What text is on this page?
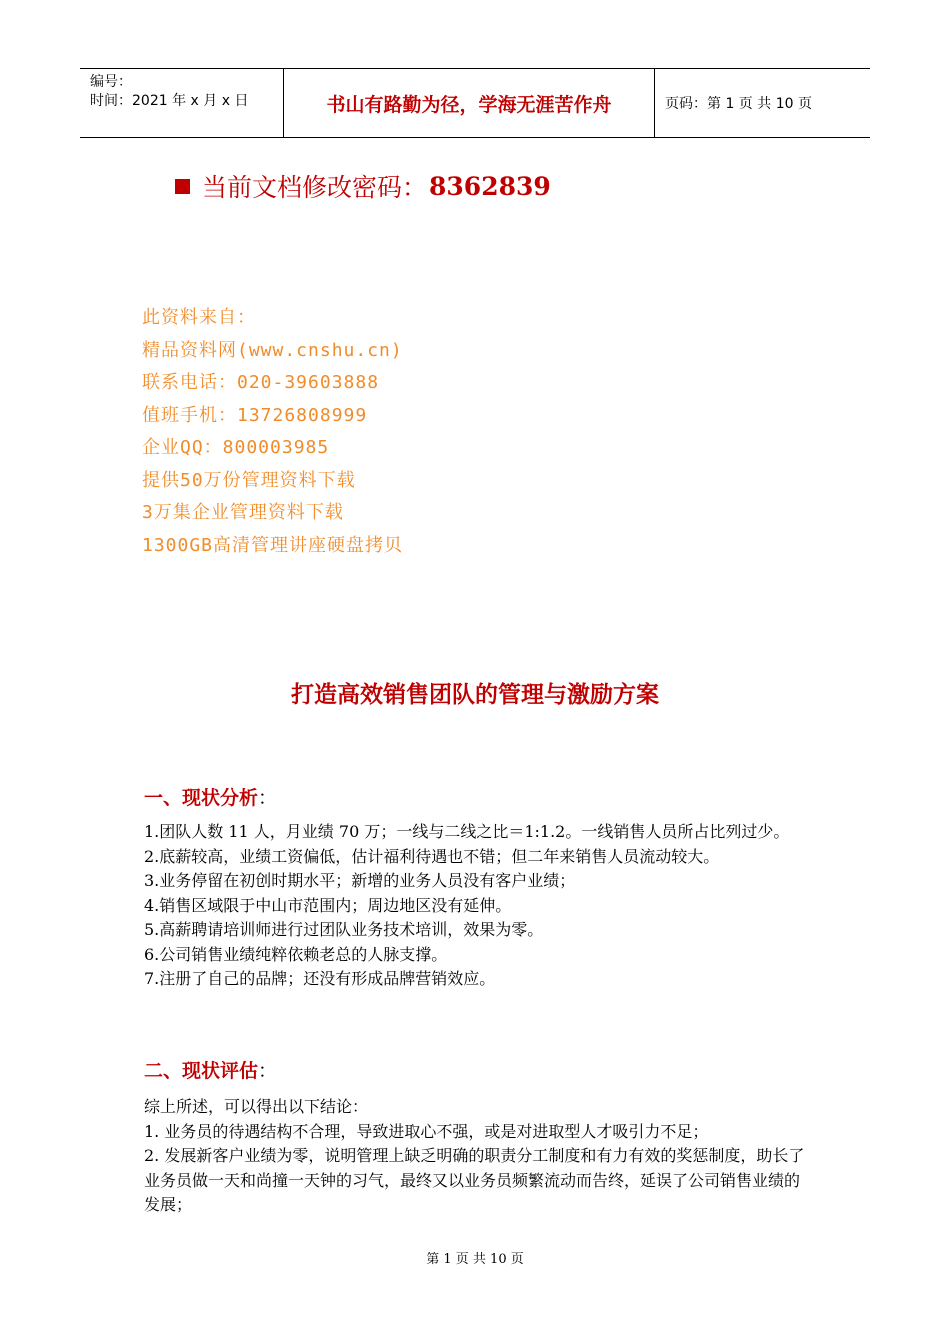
编号：
时间：2021 年 x 月 x 日	书山有路勤为径，学海无涯苦作舟	页码：第 1 页 共 10 页
当前文档修改密码： 8362839
此资料来自：
精品资料网(www.cnshu.cn)
联系电话：020-39603888
值班手机：13726808999
企业QQ：800003985
提供50万份管理资料下载
3万集企业管理资料下载
1300GB高清管理讲座硬盘拷贝
打造高效销售团队的管理与激励方案
一、现状分析：
1.团队人数 11 人，月业绩 70 万；一线与二线之比＝1:1.2。一线销售人员所占比列过少。
2.底薪较高，业绩工资偏低，估计福利待遇也不错；但二年来销售人员流动较大。
3.业务停留在初创时期水平；新增的业务人员没有客户业绩；
4.销售区域限于中山市范围内；周边地区没有延伸。
5.高薪聘请培训师进行过团队业务技术培训，效果为零。
6.公司销售业绩纯粹依赖老总的人脉支撑。
7.注册了自己的品牌；还没有形成品牌营销效应。
二、现状评估：
综上所述，可以得出以下结论：
1. 业务员的待遇结构不合理，导致进取心不强，或是对进取型人才吸引力不足；
2. 发展新客户业绩为零，说明管理上缺乏明确的职责分工制度和有力有效的奖惩制度，助长了业务员做一天和尚撞一天钟的习气，最终又以业务员频繁流动而告终，延误了公司销售业绩的发展；
第 1 页 共 10 页
